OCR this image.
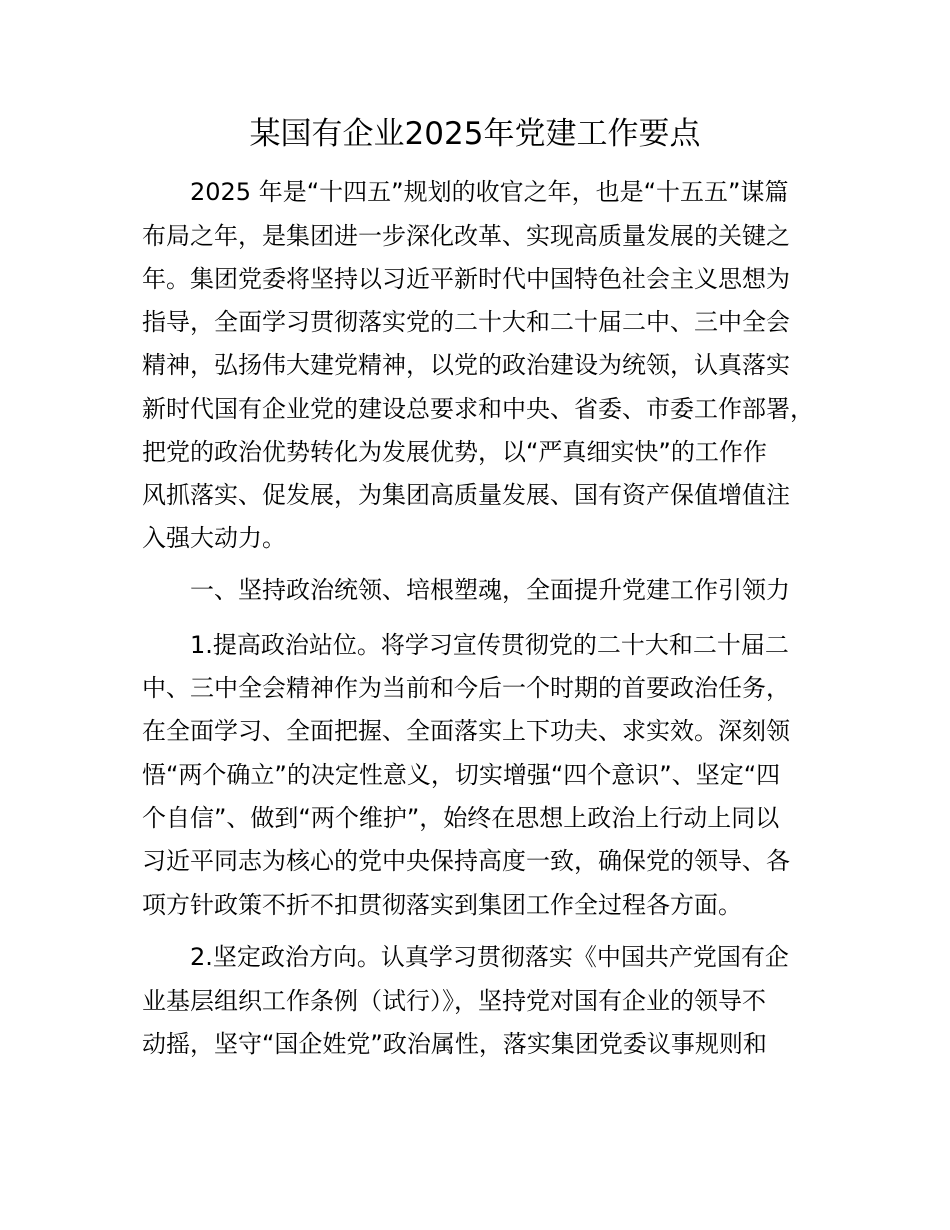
某国有企业2025年党建工作要点
2025 年是“十四五”规划的收官之年，也是“十五五”谋篇
布局之年，是集团进一步深化改革、实现高质量发展的关键之
年。集团党委将坚持以习近平新时代中国特色社会主义思想为
指导，全面学习贯彻落实党的二十大和二十届二中、三中全会
精神，弘扬伟大建党精神，以党的政治建设为统领，认真落实
新时代国有企业党的建设总要求和中央、省委、市委工作部署，
把党的政治优势转化为发展优势，以“严真细实快”的工作作
风抓落实、促发展，为集团高质量发展、国有资产保值增值注
入强大动力。
一、坚持政治统领、培根塑魂，全面提升党建工作引领力
1.提高政治站位。将学习宣传贯彻党的二十大和二十届二
中、三中全会精神作为当前和今后一个时期的首要政治任务，
在全面学习、全面把握、全面落实上下功夫、求实效。深刻领
悟“两个确立”的决定性意义，切实增强“四个意识”、坚定“四
个自信”、做到“两个维护”，始终在思想上政治上行动上同以
习近平同志为核心的党中央保持高度一致，确保党的领导、各
项方针政策不折不扣贯彻落实到集团工作全过程各方面。
2.坚定政治方向。认真学习贯彻落实《中国共产党国有企
业基层组织工作条例（试行）》，坚持党对国有企业的领导不
动摇，坚守“国企姓党”政治属性，落实集团党委议事规则和
